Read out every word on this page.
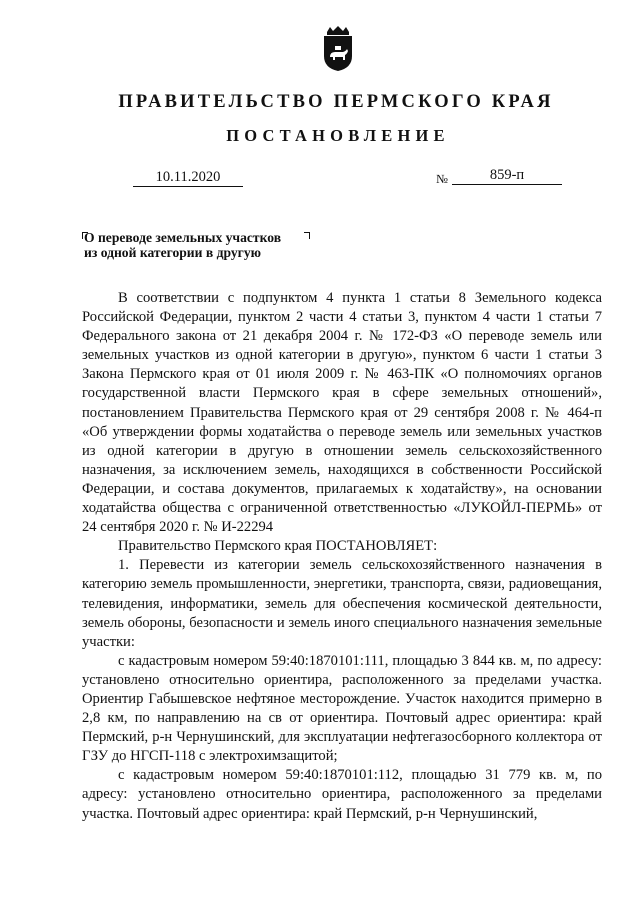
ПРАВИТЕЛЬСТВО ПЕРМСКОГО КРАЯ
ПОСТАНОВЛЕНИЕ
10.11.2020	№	859-п
О переводе земельных участков
из одной категории в другую

В соответствии с подпунктом 4 пункта 1 статьи 8 Земельного кодекса Российской Федерации, пунктом 2 части 4 статьи 3, пунктом 4 части 1 статьи 7 Федерального закона от 21 декабря 2004 г. № 172-ФЗ «О переводе земель или земельных участков из одной категории в другую», пунктом 6 части 1 статьи 3 Закона Пермского края от 01 июля 2009 г. № 463-ПК «О полномочиях органов государственной власти Пермского края в сфере земельных отношений», постановлением Правительства Пермского края от 29 сентября 2008 г. № 464-п «Об утверждении формы ходатайства о переводе земель или земельных участков из одной категории в другую в отношении земель сельскохозяйственного назначения, за исключением земель, находящихся в собственности Российской Федерации, и состава документов, прилагаемых к ходатайству», на основании ходатайства общества с ограниченной ответственностью «ЛУКОЙЛ-ПЕРМЬ» от 24 сентября 2020 г. № И-22294

Правительство Пермского края ПОСТАНОВЛЯЕТ:

1. Перевести из категории земель сельскохозяйственного назначения в категорию земель промышленности, энергетики, транспорта, связи, радиовещания, телевидения, информатики, земель для обеспечения космической деятельности, земель обороны, безопасности и земель иного специального назначения земельные участки:

с кадастровым номером 59:40:1870101:111, площадью 3 844 кв. м, по адресу: установлено относительно ориентира, расположенного за пределами участка. Ориентир Габышевское нефтяное месторождение. Участок находится примерно в 2,8 км, по направлению на св от ориентира. Почтовый адрес ориентира: край Пермский, р-н Чернушинский, для эксплуатации нефтегазосборного коллектора от ГЗУ до НГСП-118 с электрохимзащитой;

с кадастровым номером 59:40:1870101:112, площадью 31 779 кв. м, по адресу: установлено относительно ориентира, расположенного за пределами участка. Почтовый адрес ориентира: край Пермский, р-н Чернушинский,
